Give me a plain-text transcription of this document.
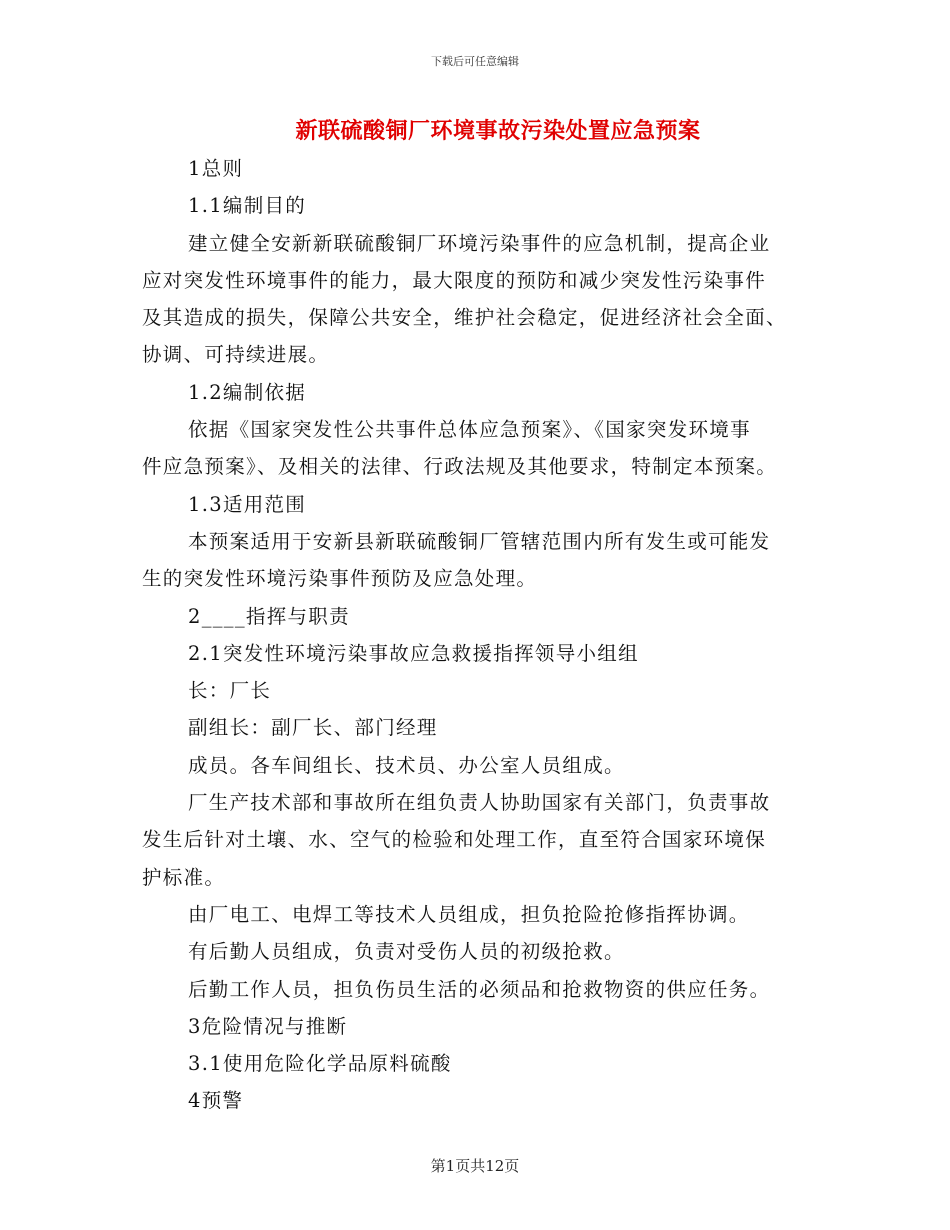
下载后可任意编辑
新联硫酸铜厂环境事故污染处置应急预案
1总则
1.1编制目的
建立健全安新新联硫酸铜厂环境污染事件的应急机制，提高企业
应对突发性环境事件的能力，最大限度的预防和减少突发性污染事件
及其造成的损失，保障公共安全，维护社会稳定，促进经济社会全面、
协调、可持续进展。
1.2编制依据
依据《国家突发性公共事件总体应急预案》、《国家突发环境事
件应急预案》、及相关的法律、行政法规及其他要求，特制定本预案。
1.3适用范围
本预案适用于安新县新联硫酸铜厂管辖范围内所有发生或可能发
生的突发性环境污染事件预防及应急处理。
2____指挥与职责
2.1突发性环境污染事故应急救援指挥领导小组组
长：厂长
副组长：副厂长、部门经理
成员。各车间组长、技术员、办公室人员组成。
厂生产技术部和事故所在组负责人协助国家有关部门，负责事故
发生后针对土壤、水、空气的检验和处理工作，直至符合国家环境保
护标准。
由厂电工、电焊工等技术人员组成，担负抢险抢修指挥协调。
有后勤人员组成，负责对受伤人员的初级抢救。
后勤工作人员，担负伤员生活的必须品和抢救物资的供应任务。
3危险情况与推断
3.1使用危险化学品原料硫酸
4预警
第1页共12页
